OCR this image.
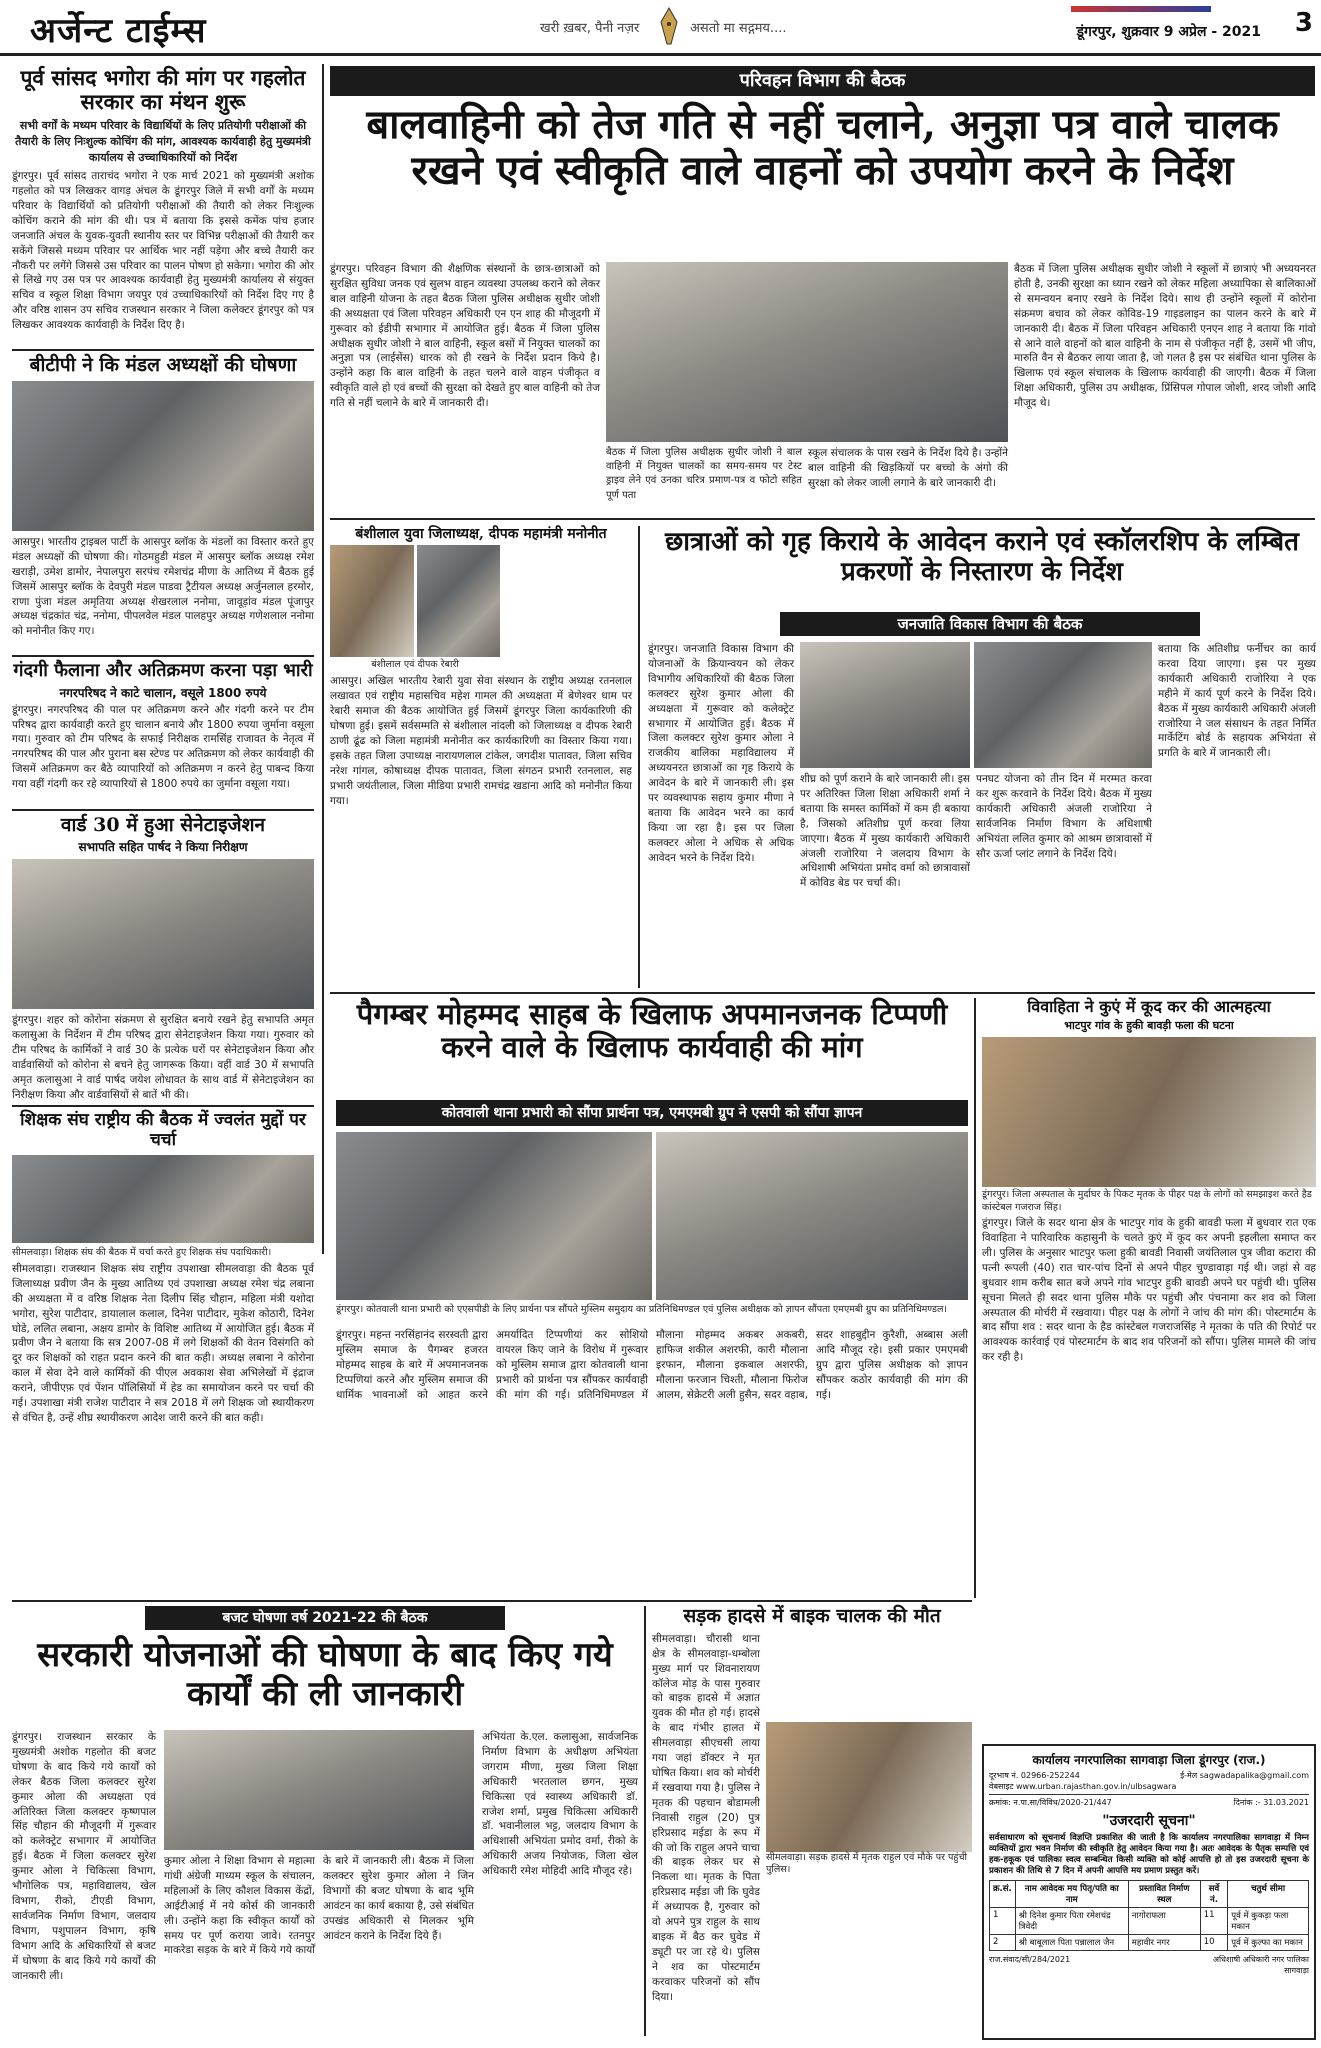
अर्जेन्ट टाईम्स	खरी ख़बर, पैनी नज़र	असतो मा सद्गमय....	डूंगरपुर, शुक्रवार 9 अप्रेल - 2021 3
पूर्व सांसद भगोरा की मांग पर गहलोत सरकार का मंथन शुरू
सभी वर्गों के मध्यम परिवार के विद्यार्थियों के लिए प्रतियोगी परीक्षाओं की तैयारी के लिए निःशुल्क कोचिंग की मांग, आवश्यक कार्यवाही हेतु मुख्यमंत्री कार्यालय से उच्चाधिकारियों को निर्देश
डूंगरपुर। पूर्व सांसद ताराचंद भगोरा ने एक मार्च 2021 को मुख्यमंत्री अशोक गहलोत को पत्र लिखकर वागड़ अंचल के डूंगरपुर जिले में सभी वर्गों के मध्यम परिवार के विद्यार्थियों को प्रतियोगी परीक्षाओं की तैयारी को लेकर निःशुल्क कोचिंग कराने की मांग की थी। पत्र में बताया कि इससे कमेंक पांच हजार जनजाति अंचल के युवक-युवती स्थानीय स्तर पर विभिन्न परीक्षाओं की तैयारी कर सकेंगे जिससे मध्यम परिवार पर आर्थिक भार नहीं पड़ेगा और बच्चे तैयारी कर नौकरी पर लगेंगे जिससे उस परिवार का पालन पोषण हो सकेगा। भगोरा की ओर से लिखे गए उस पत्र पर आवश्यक कार्यवाही हेतु मुख्यमंत्री कार्यालय से संयुक्त सचिव व स्कूल शिक्षा विभाग जयपुर एवं उच्चाधिकारियों को निर्देश दिए गए है और वरिष्ठ शासन उप सचिव राजस्थान सरकार ने जिला कलेक्टर डूंगरपुर को पत्र लिखकर आवश्यक कार्यवाही के निर्देश दिए है।
बीटीपी ने कि मंडल अध्यक्षों की घोषणा
आसपुर। भारतीय ट्राइबल पार्टी के आसपुर ब्लॉक के मंडलों का विस्तार करते हुए मंडल अध्यक्षों की घोषणा की। गोठमहुडी मंडल में आसपुर ब्लॉक अध्यक्ष रमेश खराड़ी, उमेश डामोर, नेपालपुरा सरपंच रमेशचंद्र मीणा के आतिथ्य में बैठक हुई जिसमें आसपुर ब्लॉक के देवपुरी मंडल पाडवा ट्रैटीयल अध्यक्ष अर्जुनलाल हरमोर, राणा पुंजा मंडल अमृतिया अध्यक्ष शेखरलाल ननोमा, जावूड़ांव मंडल पूंजापुर अध्यक्ष चंद्रकांत चंद्र, ननोमा, पीपलवेल मंडल पालहपुर अध्यक्ष गणेशलाल ननोमा को मनोनीत किए गए।
गंदगी फैलाना और अतिक्रमण करना पड़ा भारी
नगरपरिषद ने काटे चालान, वसूले 1800 रुपये
डूंगरपुर। नगरपरिषद की पाल पर अतिक्रमण करने और गंदगी करने पर टीम परिषद द्वारा कार्यवाही करते हुए चालान बनाये और 1800 रुपया जुर्माना वसूला गया। गुरुवार को टीम परिषद के सफाई निरीक्षक रामसिंह राजावत के नेतृत्व में नगरपरिषद की पाल और पुराना बस स्टेण्ड पर अतिक्रमण को लेकर कार्यवाही की जिसमें अतिक्रमण कर बैठे व्यापारियों को अतिक्रमण न करने हेतु पाबन्द किया गया वहीं गंदगी कर रहे व्यापारियों से 1800 रुपये का जुर्माना वसूला गया।
वार्ड 30 में हुआ सेनेटाइजेशन
सभापति सहित पार्षद ने किया निरीक्षण
डूंगरपुर। शहर को कोरोना संक्रमण से सुरक्षित बनाये रखने हेतु सभापति अमृत कलासुआ के निर्देशन में टीम परिषद द्वारा सेनेटाइजेशन किया गया। गुरुवार को टीम परिषद के कार्मिकों ने वार्ड 30 के प्रत्येक घरों पर सेनेटाइजेशन किया और वार्डवासियों को कोरोना से बचने हेतु जागरूक किया। वहीं वार्ड 30 में सभापति अमृत कलासुआ ने वार्ड पार्षद जयेश लोधावत के साथ वार्ड में सेनेटाइजेशन का निरीक्षण किया और वार्डवासियों से बातें भी की।
शिक्षक संघ राष्ट्रीय की बैठक में ज्वलंत मुद्दों पर चर्चा
सीमलवाड़ा। शिक्षक संघ की बैठक में चर्चा करते हुए शिक्षक संघ पदाधिकारी।
सीमलवाड़ा। राजस्थान शिक्षक संघ राष्ट्रीय उपशाखा सीमलवाड़ा की बैठक पूर्व जिलाध्यक्ष प्रवीण जैन के मुख्य आतिथ्य एवं उपशाखा अध्यक्ष रमेश चंद्र लबाना की अध्यक्षता में व वरिष्ठ शिक्षक नेता दिलीप सिंह चौहान, महिला मंत्री यशोदा भगोरा, सुरेश पाटीदार, डायालाल कलाल, दिनेश पाटीदार, मुकेश कोठारी, दिनेश घोडे, ललित लबाना, अक्षय डामोर के विशिष्ट आतिथ्य में आयोजित हुई। बैठक में प्रवीण जैन ने बताया कि सत्र 2007-08 में लगे शिक्षकों की वेतन विसंगति को दूर कर शिक्षकों को राहत प्रदान करने की बात कही। अध्यक्ष लबाना ने कोरोना काल में सेवा देने वाले कार्मिकों की पीएल अवकाश सेवा अभिलेखों में इंद्राज कराने, जीपीएफ़ एवं पेंशन पॉलिसियों में हेड का समायोजन करने पर चर्चा की गई। उपशाखा मंत्री राजेश पाटीदार ने सत्र 2018 में लगे शिक्षक जो स्थायीकरण से वंचित है, उन्हें शीघ्र स्थायीकरण आदेश जारी करने की बात कही।
परिवहन विभाग की बैठक
बालवाहिनी को तेज गति से नहीं चलाने, अनुज्ञा पत्र वाले चालक रखने एवं स्वीकृति वाले वाहनों को उपयोग करने के निर्देश
डूंगरपुर। परिवहन विभाग की शैक्षणिक संस्थानों के छात्र-छात्राओं को सुरक्षित सुविधा जनक एवं सुलभ वाहन व्यवस्था उपलब्ध कराने को लेकर बाल वाहिनी योजना के तहत बैठक जिला पुलिस अधीक्षक सुधीर जोशी की अध्यक्षता एवं जिला परिवहन अधिकारी एन एन शाह की मौजूदगी में गुरूवार को ईडीपी सभागार में आयोजित हुई। बैठक में जिला पुलिस अधीक्षक सुधीर जोशी ने बाल वाहिनी, स्कूल बसों में नियुक्त चालकों का अनुज्ञा पत्र (लाईसेंस) धारक को ही रखने के निर्देश प्रदान किये है। उन्होंने कहा कि बाल वाहिनी के तहत चलने वाले वाहन पंजीकृत व स्वीकृति वाले हो एवं बच्चों की सुरक्षा को देखते हुए बाल वाहिनी को तेज गति से नहीं चलाने के बारे में जानकारी दी।
बैठक में जिला पुलिस अधीक्षक सुधीर जोशी ने बाल वाहिनी में नियुक्त चालकों का समय-समय पर टेस्ट ड्राइव लेने एवं उनका चरित्र प्रमाण-पत्र व फोटो सहित पूर्ण पता
स्कूल संचालक के पास रखने के निर्देश दिये है। उन्होंने बाल वाहिनी की खिड़कियों पर बच्चो के अंगो की सुरक्षा को लेकर जाली लगाने के बारे जानकारी दी।
बैठक में जिला पुलिस अधीक्षक सुधीर जोशी ने स्कूलों में छात्राएं भी अध्ययनरत होती है, उनकी सुरक्षा का ध्यान रखने को लेकर महिला अध्यापिका से बालिकाओं से समन्वयन बनाए रखने के निर्देश दिये। साथ ही उन्होंने स्कूलों में कोरोना संक्रमण बचाव को लेकर कोविड-19 गाइडलाइन का पालन करने के बारे में जानकारी दी। बैठक में जिला परिवहन अधिकारी एनएन शाह ने बताया कि गांवो से आने वाले वाहनों को बाल वाहिनी के नाम से पंजीकृत नहीं है, उसमें भी जीप, मारुति वैन से बैठकर लाया जाता है, जो गलत है इस पर संबंधित थाना पुलिस के खिलाफ एवं स्कूल संचालक के खिलाफ कार्यवाही की जाएगी। बैठक में जिला शिक्षा अधिकारी, पुलिस उप अधीक्षक, प्रिंसिपल गोपाल जोशी, शरद जोशी आदि मौजूद थे।
बंशीलाल युवा जिलाध्यक्ष, दीपक महामंत्री मनोनीत
बंशीलाल एवं दीपक रेबारी
आसपुर। अखिल भारतीय रेबारी युवा सेवा संस्थान के राष्ट्रीय अध्यक्ष रतनलाल लखावत एवं राष्ट्रीय महासचिव महेश गामल की अध्यक्षता में बेणेश्वर धाम पर रेबारी समाज की बैठक आयोजित हुई जिसमें डूंगरपुर जिला कार्यकारिणी की घोषणा हुई। इसमें सर्वसम्मति से बंशीलाल नांदली को जिलाध्यक्ष व दीपक रेबारी ठाणी ढूंढ को जिला महामंत्री मनोनीत कर कार्यकारिणी का विस्तार किया गया। इसके तहत जिला उपाध्यक्ष नारायणलाल टांकेल, जगदीश पातावत, जिला सचिव नरेश गांगल, कोषाध्यक्ष दीपक पातावत, जिला संगठन प्रभारी रतनलाल, सह प्रभारी जयंतीलाल, जिला मीडिया प्रभारी रामचंद्र खडाना आदि को मनोनीत किया गया।
छात्राओं को गृह किराये के आवेदन कराने एवं स्कॉलरशिप के लम्बित प्रकरणों के निस्तारण के निर्देश
जनजाति विकास विभाग की बैठक
डूंगरपुर। जनजाति विकास विभाग की योजनाओं के क्रियान्वयन को लेकर विभागीय अधिकारियों की बैठक जिला कलक्टर सुरेश कुमार ओला की अध्यक्षता में गुरूवार को कलेक्ट्रेट सभागार में आयोजित हुई। बैठक में जिला कलक्टर सुरेश कुमार ओला ने राजकीय बालिका महाविद्यालय में अध्ययनरत छात्राओं का गृह किराये के आवेदन के बारे में जानकारी ली। इस पर व्यवस्थापक सहाय कुमार मीणा ने बताया कि आवेदन भरने का कार्य किया जा रहा है। इस पर जिला कलक्टर ओला ने अधिक से अधिक आवेदन भरने के निर्देश दिये।
शीघ्र को पूर्ण कराने के बारे जानकारी ली। इस पर अतिरिक्त जिला शिक्षा अधिकारी शर्मा ने बताया कि समस्त कार्मिकों में कम ही बकाया है, जिसको अतिशीघ्र पूर्ण करवा लिया जाएगा। बैठक में मुख्य कार्यकारी अधिकारी अंजली राजोरिया ने जलदाय विभाग के अधिशाषी अभियंता प्रमोद वर्मा को छात्रावासों में कोविड बेड पर चर्चा की।
पनघट योजना को तीन दिन में मरम्मत करवा कर शुरू करवाने के निर्देश दिये। बैठक में मुख्य कार्यकारी अधिकारी अंजली राजोरिया ने सार्वजनिक निर्माण विभाग के अधिशाषी अभियंता ललित कुमार को आश्रम छात्रावासों में सौर ऊर्जा प्लांट लगाने के निर्देश दिये।
बताया कि अतिशीघ्र फर्नीचर का कार्य करवा दिया जाएगा। इस पर मुख्य कार्यकारी अधिकारी राजोरिया ने एक महीने में कार्य पूर्ण करने के निर्देश दिये। बैठक में मुख्य कार्यकारी अधिकारी अंजली राजोरिया ने जल संसाधन के तहत निर्मित मार्केटिंग बोर्ड के सहायक अभियंता से प्रगति के बारे में जानकारी ली।
पैगम्बर मोहम्मद साहब के खिलाफ अपमानजनक टिप्पणी करने वाले के खिलाफ कार्यवाही की मांग
कोतवाली थाना प्रभारी को सौंपा प्रार्थना पत्र, एमएमबी ग्रुप ने एसपी को सौंपा ज्ञापन
डूंगरपुर। कोतवाली थाना प्रभारी को एएसपीडी के लिए प्रार्थना पत्र सौंपते मुस्लिम समुदाय का प्रतिनिधिमण्डल एवं पुलिस अधीक्षक को ज्ञापन सौंपता एमएमबी ग्रुप का प्रतिनिधिमण्डल।
डूंगरपुर। महन्त नरसिंहानंद सरस्वती द्वारा मुस्लिम समाज के पैगम्बर हजरत मोहम्मद साहब के बारे में अपमानजनक टिप्पणियां करने और मुस्लिम समाज की धार्मिक भावनाओं को आहत करने अमर्यादित टिप्पणीयां कर सोशियो वायरल किए जाने के विरोध में गुरूवार को मुस्लिम समाज द्वारा कोतवाली थाना प्रभारी को प्रार्थना पत्र सौंपकर कार्यवाही की मांग की गई। प्रतिनिधिमण्डल में मौलाना मोहम्मद अकबर अकबरी, हाफिज शकील अशरफी, कारी मौलाना इरफान, मौलाना इकबाल अशरफी, मौलाना फरजान चिश्ती, मौलाना फिरोज आलम, सेक्रेटरी अली हुसैन, सदर वहाब, सदर शाहबुद्दीन कुरैशी, अब्बास अली आदि मौजूद रहे। इसी प्रकार एमएमबी ग्रुप द्वारा पुलिस अधीक्षक को ज्ञापन सौंपकर कठोर कार्यवाही की मांग की गई।
विवाहिता ने कुएं में कूद कर की आत्महत्या
भाटपुर गांव के हुकी बावड़ी फला की घटना
डूंगरपुर। जिला अस्पताल के मुर्दाघर के पिकट मृतक के पीहर पक्ष के लोगों को समझाइश करते हैड कांस्टेबल गजराज सिंह।
डूंगरपुर। जिले के सदर थाना क्षेत्र के भाटपुर गांव के हुकी बावडी फला में बुधवार रात एक विवाहिता ने पारिवारिक कहासुनी के चलते कुएं में कूद कर अपनी इहलीला समाप्त कर ली। पुलिस के अनुसार भाटपुर फला हुकी बावडी निवासी जयंतिलाल पुत्र जीवा कटारा की पत्नी रूपली (40) रात चार-पांच दिनों से अपने पीहर चुण्डावाड़ा गई थी। जहां से वह बुधवार शाम करीब सात बजे अपने गांव भाटपुर हुकी बावडी अपने घर पहुंची थी। पुलिस सूचना मिलते ही सदर थाना पुलिस मौके पर पहुंची और पंचनामा कर शव को जिला अस्पताल की मोर्चरी में रखवाया। पीहर पक्ष के लोगों ने जांच की मांग की। पोस्टमार्टम के बाद सौंपा शव : सदर थाना के हैड कांस्टेबल गजराजसिंह ने मृतका के पति की रिपोर्ट पर आवश्यक कार्रवाई एवं पोस्टमार्टम के बाद शव परिजनों को सौंपा। पुलिस मामले की जांच कर रही है।
बजट घोषणा वर्ष 2021-22 की बैठक
सरकारी योजनाओं की घोषणा के बाद किए गये कार्यों की ली जानकारी
डूंगरपुर। राजस्थान सरकार के मुख्यमंत्री अशोक गहलोत की बजट घोषणा के बाद किये गये कार्यों को लेकर बैठक जिला कलक्टर सुरेश कुमार ओला की अध्यक्षता एवं अतिरिक्त जिला कलक्टर कृष्णपाल सिंह चौहान की मौजूदगी में गुरूवार को कलेक्ट्रेट सभागार में आयोजित हुई। बैठक में जिला कलक्टर सुरेश कुमार ओला ने चिकित्सा विभाग, भौगोलिक पत्र, महाविद्यालय, खेल विभाग, रीको, टीएडी विभाग, सार्वजनिक निर्माण विभाग, जलदाय विभाग, पशुपालन विभाग, कृषि विभाग आदि के अधिकारियों से बजट में घोषणा के बाद किये गये कार्यों की जानकारी ली।
कुमार ओला ने शिक्षा विभाग से महात्मा गांधी अंग्रेजी माध्यम स्कूल के संचालन, महिलाओं के लिए कौशल विकास केंद्रों, आईटीआई में नये कोर्स की जानकारी ली। उन्होंने कहा कि स्वीकृत कार्यों को समय पर पूर्ण कराया जावे। रतनपुर माकरेडा सड़क के बारे में किये गये कार्यों के बारे में जानकारी ली। बैठक में जिला कलक्टर सुरेश कुमार ओला ने जिन विभागों की बजट घोषणा के बाद भूमि आवंटन का कार्य बकाया है, उसे संबंधित उपखंड अधिकारी से मिलकर भूमि आवंटन कराने के निर्देश दिये हैं।
अभियंता के.एल. कलासुआ, सार्वजनिक निर्माण विभाग के अधीक्षण अभियंता जगराम मीणा, मुख्य जिला शिक्षा अधिकारी भरतलाल छगन, मुख्य चिकित्सा एवं स्वास्थ्य अधिकारी डॉ. राजेश शर्मा, प्रमुख चिकित्सा अधिकारी डॉ. भवानीलाल भट्ट, जलदाय विभाग के अधिशासी अभियंता प्रमोद वर्मा, रीको के अधिकारी अजय नियोजक, जिला खेल अधिकारी रमेश मोहिदी आदि मौजूद रहे।
सड़क हादसे में बाइक चालक की मौत
सीमलवाड़ा। चौरासी थाना क्षेत्र के सीमलवाड़ा-धम्बोला मुख्य मार्ग पर शिवनारायण कॉलेज मोड़ के पास गुरुवार को बाइक हादसे में अज्ञात युवक की मौत हो गई। हादसे के बाद गंभीर हालत में सीमलवाड़ा सीएचसी लाया गया जहां डॉक्टर ने मृत घोषित किया। शव को मोर्चरी में रखवाया गया है। पुलिस ने मृतक की पहचान बोडामली निवासी राहुल (20) पुत्र हरिप्रसाद मईडा के रूप में की जो कि राहुल अपने चाचा की बाइक लेकर घर से निकला था। मृतक के पिता हरिप्रसाद मईडा जी कि घुवेड में अध्यापक है, गुरुवार को वो अपने पुत्र राहुल के साथ बाइक में बैठ कर घुवेड में ड्यूटी पर जा रहे थे। पुलिस ने शव का पोस्टमार्टम करवाकर परिजनों को सौंप दिया।
सीमलवाड़ा। सड़क हादसे में मृतक राहुल एवं मौके पर पहुंची पुलिस।
कार्यालय नगरपालिका सागवाड़ा जिला डूंगरपुर (राज.)
दूरभाष नं. 02966-252244	ई-मेल sagwadapalika@gmail.com
वेबसाइट www.urban.rajasthan.gov.in/ulbsagwara
क्रमांक: न.पा.सा/विविध/2020-21/447	दिनांक :- 31.03.2021
"उजरदारी सूचना"
सर्वसाधारण को सूचनार्थ विज्ञप्ति प्रकाशित की जाती है कि कार्यालय नगरपालिका सागवाड़ा में निम्न व्यक्तियों द्वारा भवन निर्माण की स्वीकृति हेतु आवेदन किया गया है। अतः आवेदक के पैतृक सम्पत्ति एवं हक-हकूक एवं पालिका स्वत्व सम्बन्धित किसी व्यक्ति को कोई आपत्ति हो तो इस उजरदारी सूचना के प्रकाशन की तिथि से 7 दिन में अपनी आपत्ति मय प्रमाण प्रस्तुत करें।
क्र.सं.	नाम आवेदक मय पितृ/पति का नाम	प्रस्तावित निर्माण स्थल	सर्वे नं.	चतुर्थ सीमा
1	श्री दिनेश कुमार पिता रमेशचंद्र त्रिवेदी	नागोराफला	11	पूर्व में कुकड़ा फला मकान
2	श्री बाबूलाल पिता पन्नालाल जैन	महावीर नगर	10	पूर्व में कुल्फा का मकान
राज.संवाद/सी/284/2021	अधिशाषी अधिकारी नगर पालिका सागवाड़ा
